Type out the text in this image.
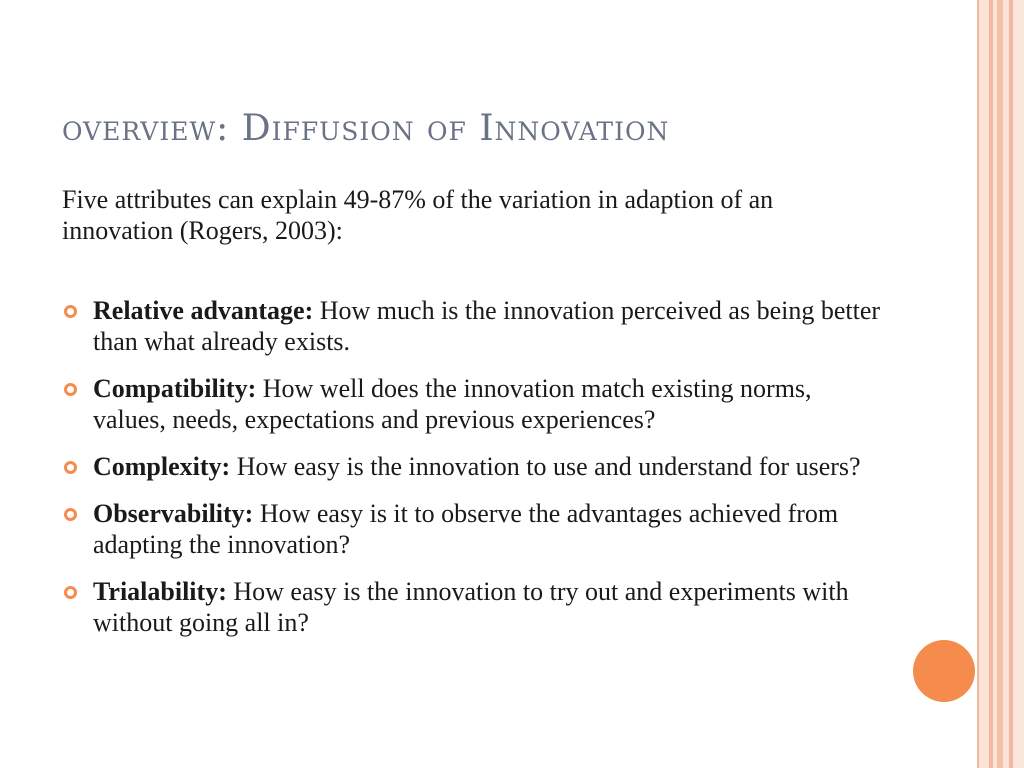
overview: Diffusion of Innovation

Five attributes can explain 49-87% of the variation in adaption of an innovation (Rogers, 2003):

Relative advantage: How much is the innovation perceived as being better than what already exists.
Compatibility: How well does the innovation match existing norms, values, needs, expectations and previous experiences?
Complexity: How easy is the innovation to use and understand for users?
Observability: How easy is it to observe the advantages achieved from adapting the innovation?
Trialability: How easy is the innovation to try out and experiments with without going all in?
